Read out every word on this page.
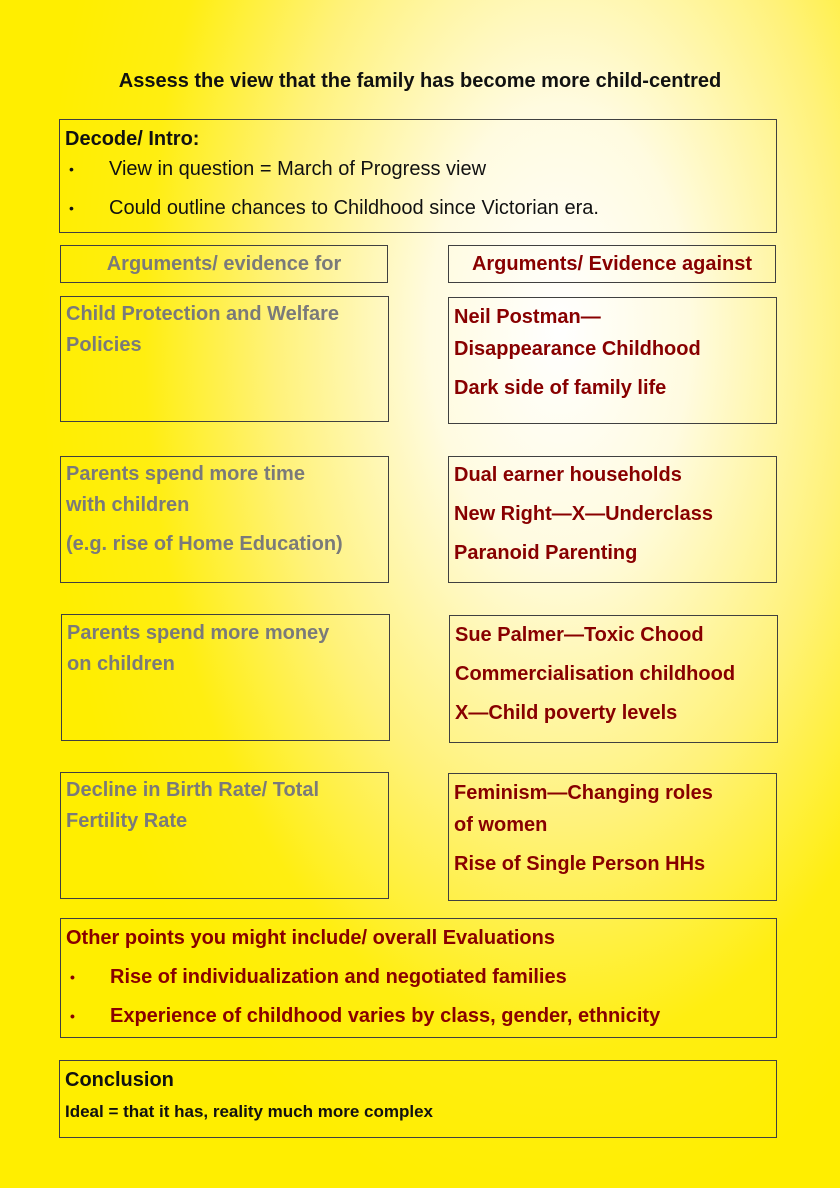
Assess the view that the family has become more child-centred
Decode/ Intro:
• View in question = March of Progress view
• Could outline chances to Childhood since Victorian era.
Arguments/ evidence for	Arguments/ Evidence against
Child Protection and Welfare
Policies
Parents spend more time
with children
(e.g. rise of Home Education)
Parents spend more money
on children
Decline in Birth Rate/ Total
Fertility Rate

Neil Postman—

Disappearance Childhood

Dark side of family life

Dual earner households

New Right—X—Underclass

Paranoid Parenting

Sue Palmer—Toxic Chood

Commercialisation childhood

X—Child poverty levels

Feminism—Changing roles

of women

Rise of Single Person HHs

Other points you might include/ overall Evaluations

• Rise of individualization and negotiated families
• Experience of childhood varies by class, gender, ethnicity
Conclusion
Ideal = that it has, reality much more complex
